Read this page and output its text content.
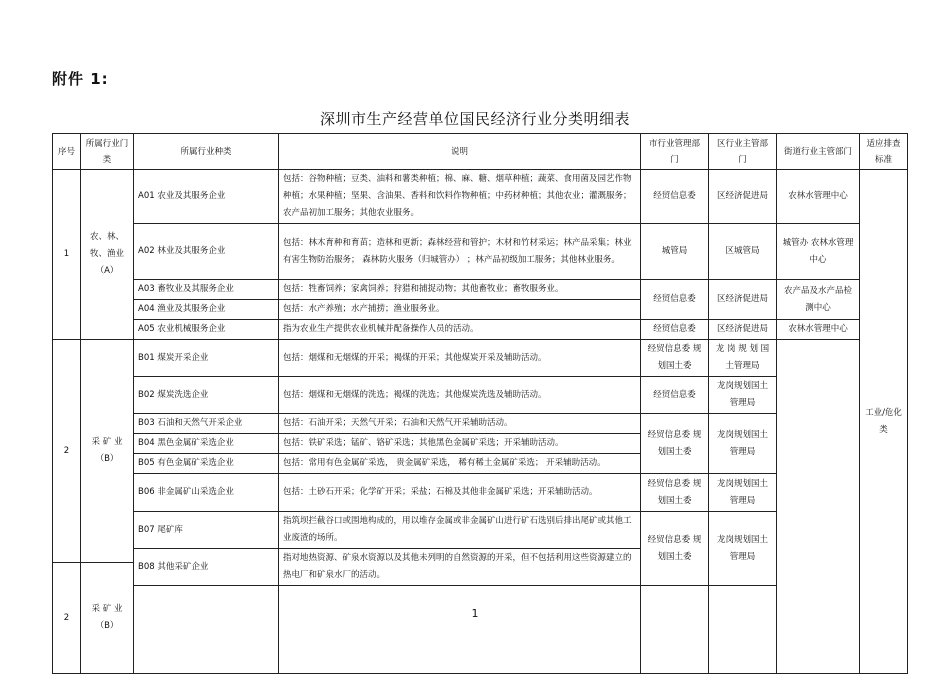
附件 1:
深圳市生产经营单位国民经济行业分类明细表
序号	所属行业门类	所属行业种类	说明	市行业管理部门	区行业主管部门	街道行业主管部门	适应排查标准	
1	农、林、牧、渔业（A）	A01 农业及其服务企业	包括：谷物种植；豆类、油料和薯类种植；棉、麻、糖、烟草种植；蔬菜、食用菌及园艺作物种植；水果种植；坚果、含油果、香料和饮料作物种植；中药材种植；其他农业；灌溉服务；农产品初加工服务；其他农业服务。	经贸信息委	区经济促进局	农林水管理中心	工业/危化类	
		A02 林业及其服务企业	包括：林木育种和育苗；造林和更新；森林经营和管护；木材和竹材采运；林产品采集；林业有害生物防治服务； 森林防火服务（归城管办） ；林产品初级加工服务；其他林业服务。	城管局	区城管局	城管办 农林水管理中心		
		A03 畜牧业及其服务企业	包括：牲畜饲养；家禽饲养；狩猎和捕捉动物；其他畜牧业；畜牧服务业。	经贸信息委	区经济促进局	农产品及水产品检测中心		
		A04 渔业及其服务企业	包括：水产养殖；水产捕捞；渔业服务业。					
		A05 农业机械服务企业	指为农业生产提供农业机械并配备操作人员的活动。	经贸信息委	区经济促进局	农林水管理中心		
2	采 矿 业（B）	B01 煤炭开采企业	包括：烟煤和无烟煤的开采；褐煤的开采；其他煤炭开采及辅助活动。	经贸信息委 规划国土委	龙 岗 规 划 国土管理局			
		B02 煤炭洗选企业	包括：烟煤和无烟煤的洗选；褐煤的洗选；其他煤炭洗选及辅助活动。	经贸信息委	龙岗规划国土管理局			
		B03 石油和天然气开采企业	包括：石油开采；天然气开采；石油和天然气开采辅助活动。	经贸信息委 规划国土委	龙岗规划国土管理局			
		B04 黑色金属矿采选企业	包括：铁矿采选；锰矿、铬矿采选；其他黑色金属矿采选；开采辅助活动。					
		B05 有色金属矿采选企业	包括：常用有色金属矿采选， 贵金属矿采选， 稀有稀土金属矿采选； 开采辅助活动。					
		B06 非金属矿山采选企业	包括：土砂石开采；化学矿开采；采盐；石棉及其他非金属矿采选；开采辅助活动。	经贸信息委 规划国土委	龙岗规划国土管理局			
		B07 尾矿库	指筑坝拦截谷口或围地构成的，用以堆存金属或非金属矿山进行矿石选别后排出尾矿或其他工业废渣的场所。	经贸信息委 规划国土委	龙岗规划国土管理局			
		B08 其他采矿企业	指对地热资源、矿泉水资源以及其他未列明的自然资源的开采，但不包括利用这些资源建立的热电厂和矿泉水厂的活动。					
2	采 矿 业（B）							

1
